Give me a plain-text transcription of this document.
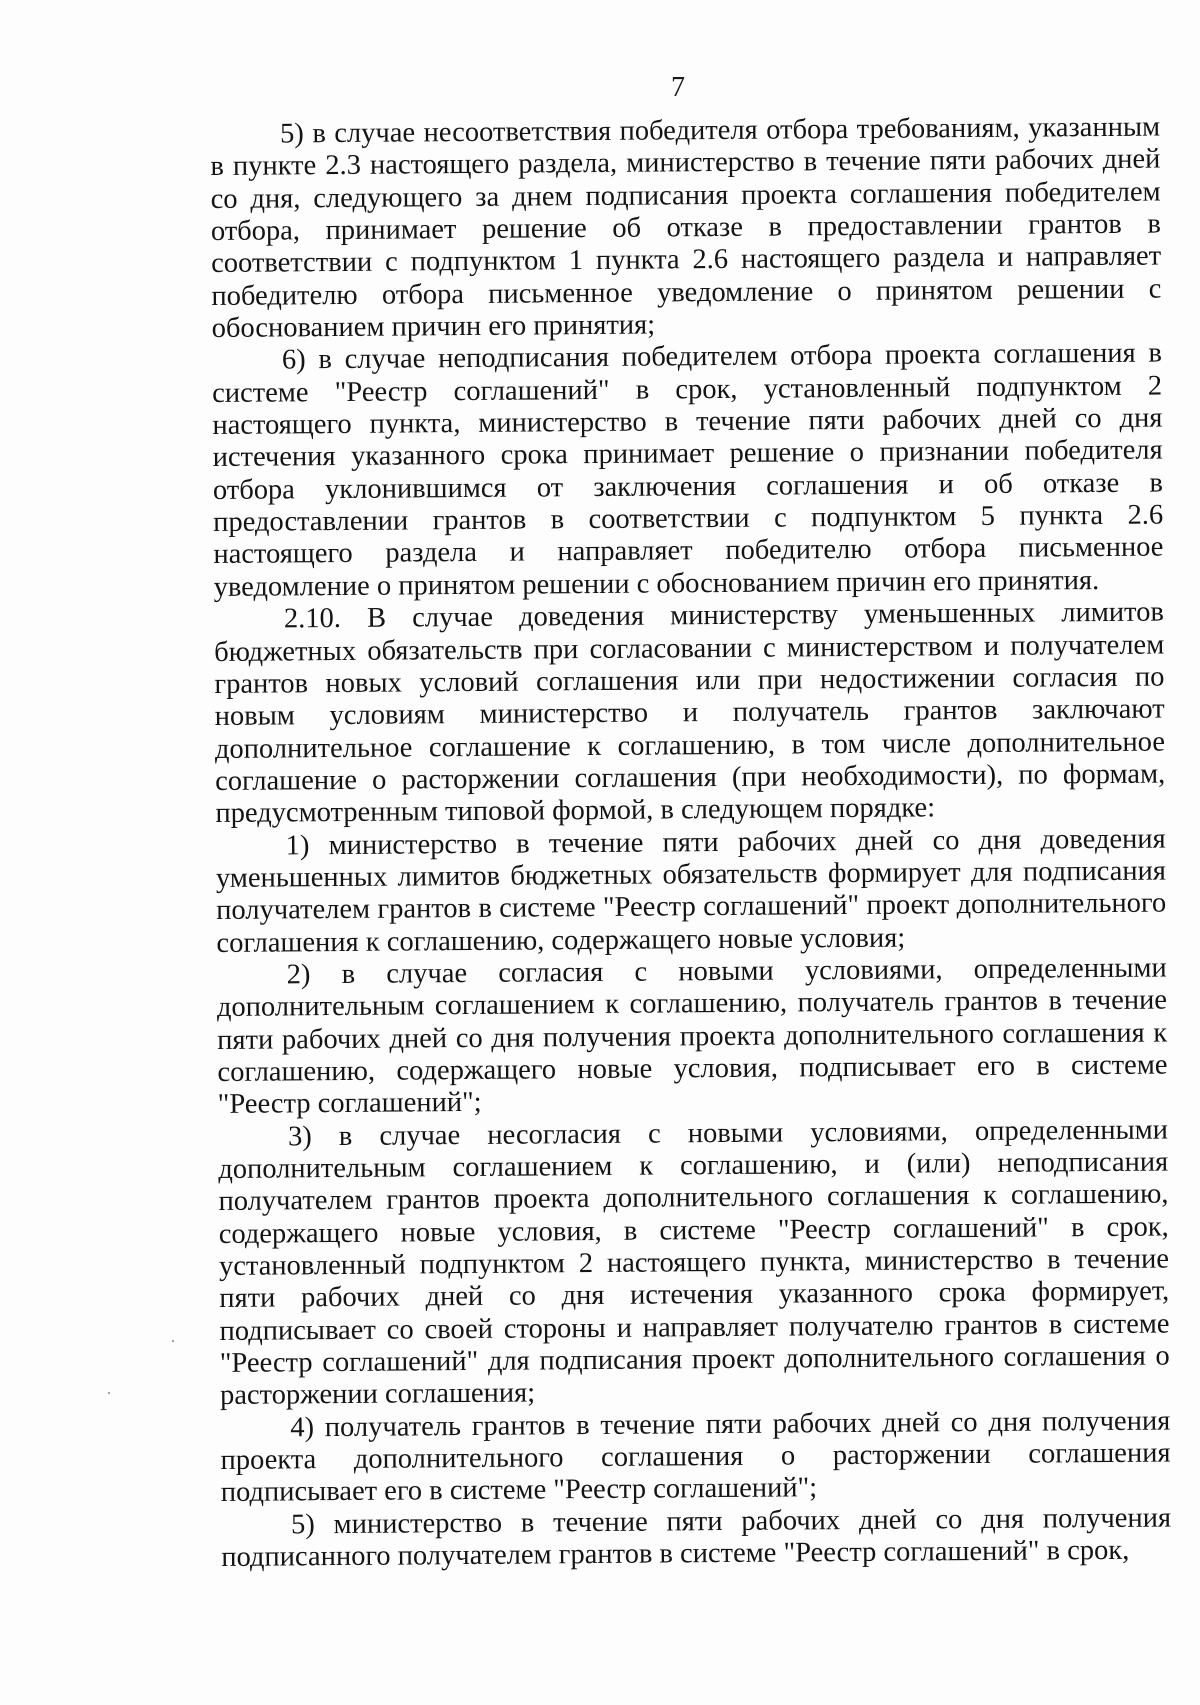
7

5) в случае несоответствия победителя отбора требованиям, указанным в пункте 2.3 настоящего раздела, министерство в течение пяти рабочих дней со дня, следующего за днем подписания проекта соглашения победителем отбора, принимает решение об отказе в предоставлении грантов в соответствии с подпунктом 1 пункта 2.6 настоящего раздела и направляет победителю отбора письменное уведомление о принятом решении с обоснованием причин его принятия;

6) в случае неподписания победителем отбора проекта соглашения в системе "Реестр соглашений" в срок, установленный подпунктом 2 настоящего пункта, министерство в течение пяти рабочих дней со дня истечения указанного срока принимает решение о признании победителя отбора уклонившимся от заключения соглашения и об отказе в предоставлении грантов в соответствии с подпунктом 5 пункта 2.6 настоящего раздела и направляет победителю отбора письменное уведомление о принятом решении с обоснованием причин его принятия.

2.10. В случае доведения министерству уменьшенных лимитов бюджетных обязательств при согласовании с министерством и получателем грантов новых условий соглашения или при недостижении согласия по новым условиям министерство и получатель грантов заключают дополнительное соглашение к соглашению, в том числе дополнительное соглашение о расторжении соглашения (при необходимости), по формам, предусмотренным типовой формой, в следующем порядке:

1) министерство в течение пяти рабочих дней со дня доведения уменьшенных лимитов бюджетных обязательств формирует для подписания получателем грантов в системе "Реестр соглашений" проект дополнительного соглашения к соглашению, содержащего новые условия;

2) в случае согласия с новыми условиями, определенными дополнительным соглашением к соглашению, получатель грантов в течение пяти рабочих дней со дня получения проекта дополнительного соглашения к соглашению, содержащего новые условия, подписывает его в системе "Реестр соглашений";

3) в случае несогласия с новыми условиями, определенными дополнительным соглашением к соглашению, и (или) неподписания получателем грантов проекта дополнительного соглашения к соглашению, содержащего новые условия, в системе "Реестр соглашений" в срок, установленный подпунктом 2 настоящего пункта, министерство в течение пяти рабочих дней со дня истечения указанного срока формирует, подписывает со своей стороны и направляет получателю грантов в системе "Реестр соглашений" для подписания проект дополнительного соглашения о расторжении соглашения;

4) получатель грантов в течение пяти рабочих дней со дня получения проекта дополнительного соглашения о расторжении соглашения подписывает его в системе "Реестр соглашений";

5) министерство в течение пяти рабочих дней со дня получения подписанного получателем грантов в системе "Реестр соглашений" в срок,
